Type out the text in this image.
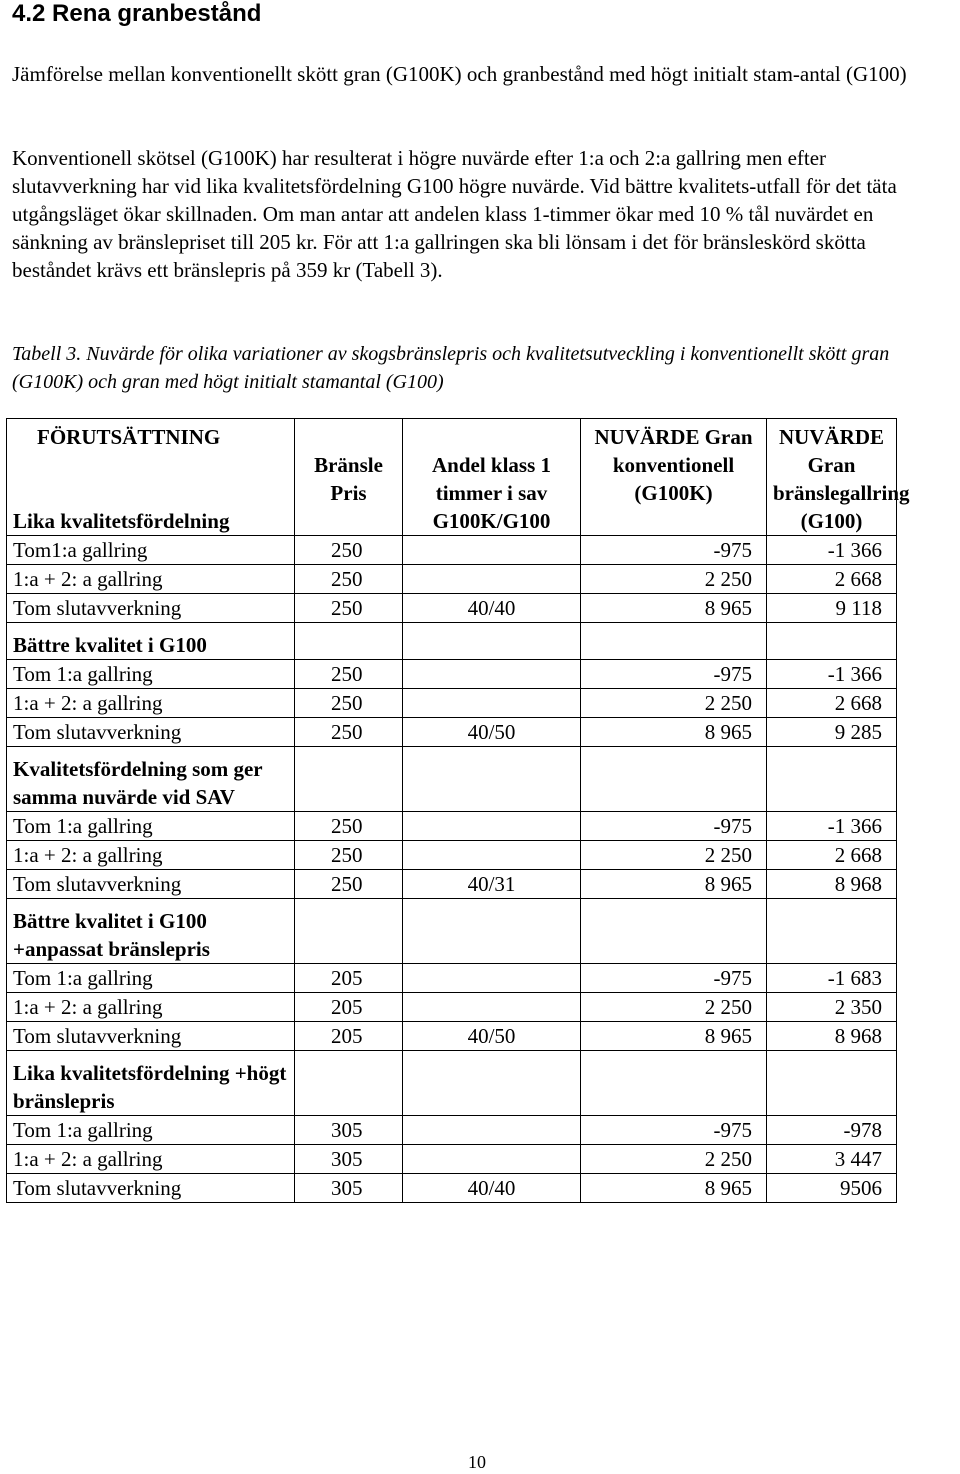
4.2 Rena granbestånd
Jämförelse mellan konventionellt skött gran (G100K) och granbestånd med högt initialt stam-antal (G100)
Konventionell skötsel (G100K) har resulterat i högre nuvärde efter 1:a och 2:a gallring men efter slutavverkning har vid lika kvalitetsfördelning G100 högre nuvärde. Vid bättre kvalitets-utfall för det täta utgångsläget ökar skillnaden. Om man antar att andelen klass 1-timmer ökar med 10 % tål nuvärdet en sänkning av bränslepriset till 205 kr. För att 1:a gallringen ska bli lönsam i det för bränsleskörd skötta beståndet krävs ett bränslepris på 359 kr (Tabell 3).
Tabell 3. Nuvärde för olika variationer av skogsbränslepris och kvalitetsutveckling i konventionellt skött gran (G100K) och gran med högt initialt stamantal (G100)
FÖRUTSÄTTNING
Lika kvalitetsfördelning	Bränsle Pris	Andel klass 1 timmer i sav G100K/G100	NUVÄRDE Gran konventionell (G100K)	NUVÄRDE Gran bränslegallring (G100)
Tom1:a gallring	250		-975	-1 366
1:a + 2: a gallring	250		2 250	2 668
Tom slutavverkning	250	40/40	8 965	9 118
Bättre kvalitet i G100				
Tom 1:a gallring	250		-975	-1 366
1:a + 2: a gallring	250		2 250	2 668
Tom slutavverkning	250	40/50	8 965	9 285
Kvalitetsfördelning som ger samma nuvärde vid SAV				
Tom 1:a gallring	250		-975	-1 366
1:a + 2: a gallring	250		2 250	2 668
Tom slutavverkning	250	40/31	8 965	8 968
Bättre kvalitet i G100 +anpassat bränslepris				
Tom 1:a gallring	205		-975	-1 683
1:a + 2: a gallring	205		2 250	2 350
Tom slutavverkning	205	40/50	8 965	8 968
Lika kvalitetsfördelning +högt bränslepris				
Tom 1:a gallring	305		-975	-978
1:a + 2: a gallring	305		2 250	3 447
Tom slutavverkning	305	40/40	8 965	9506
10
